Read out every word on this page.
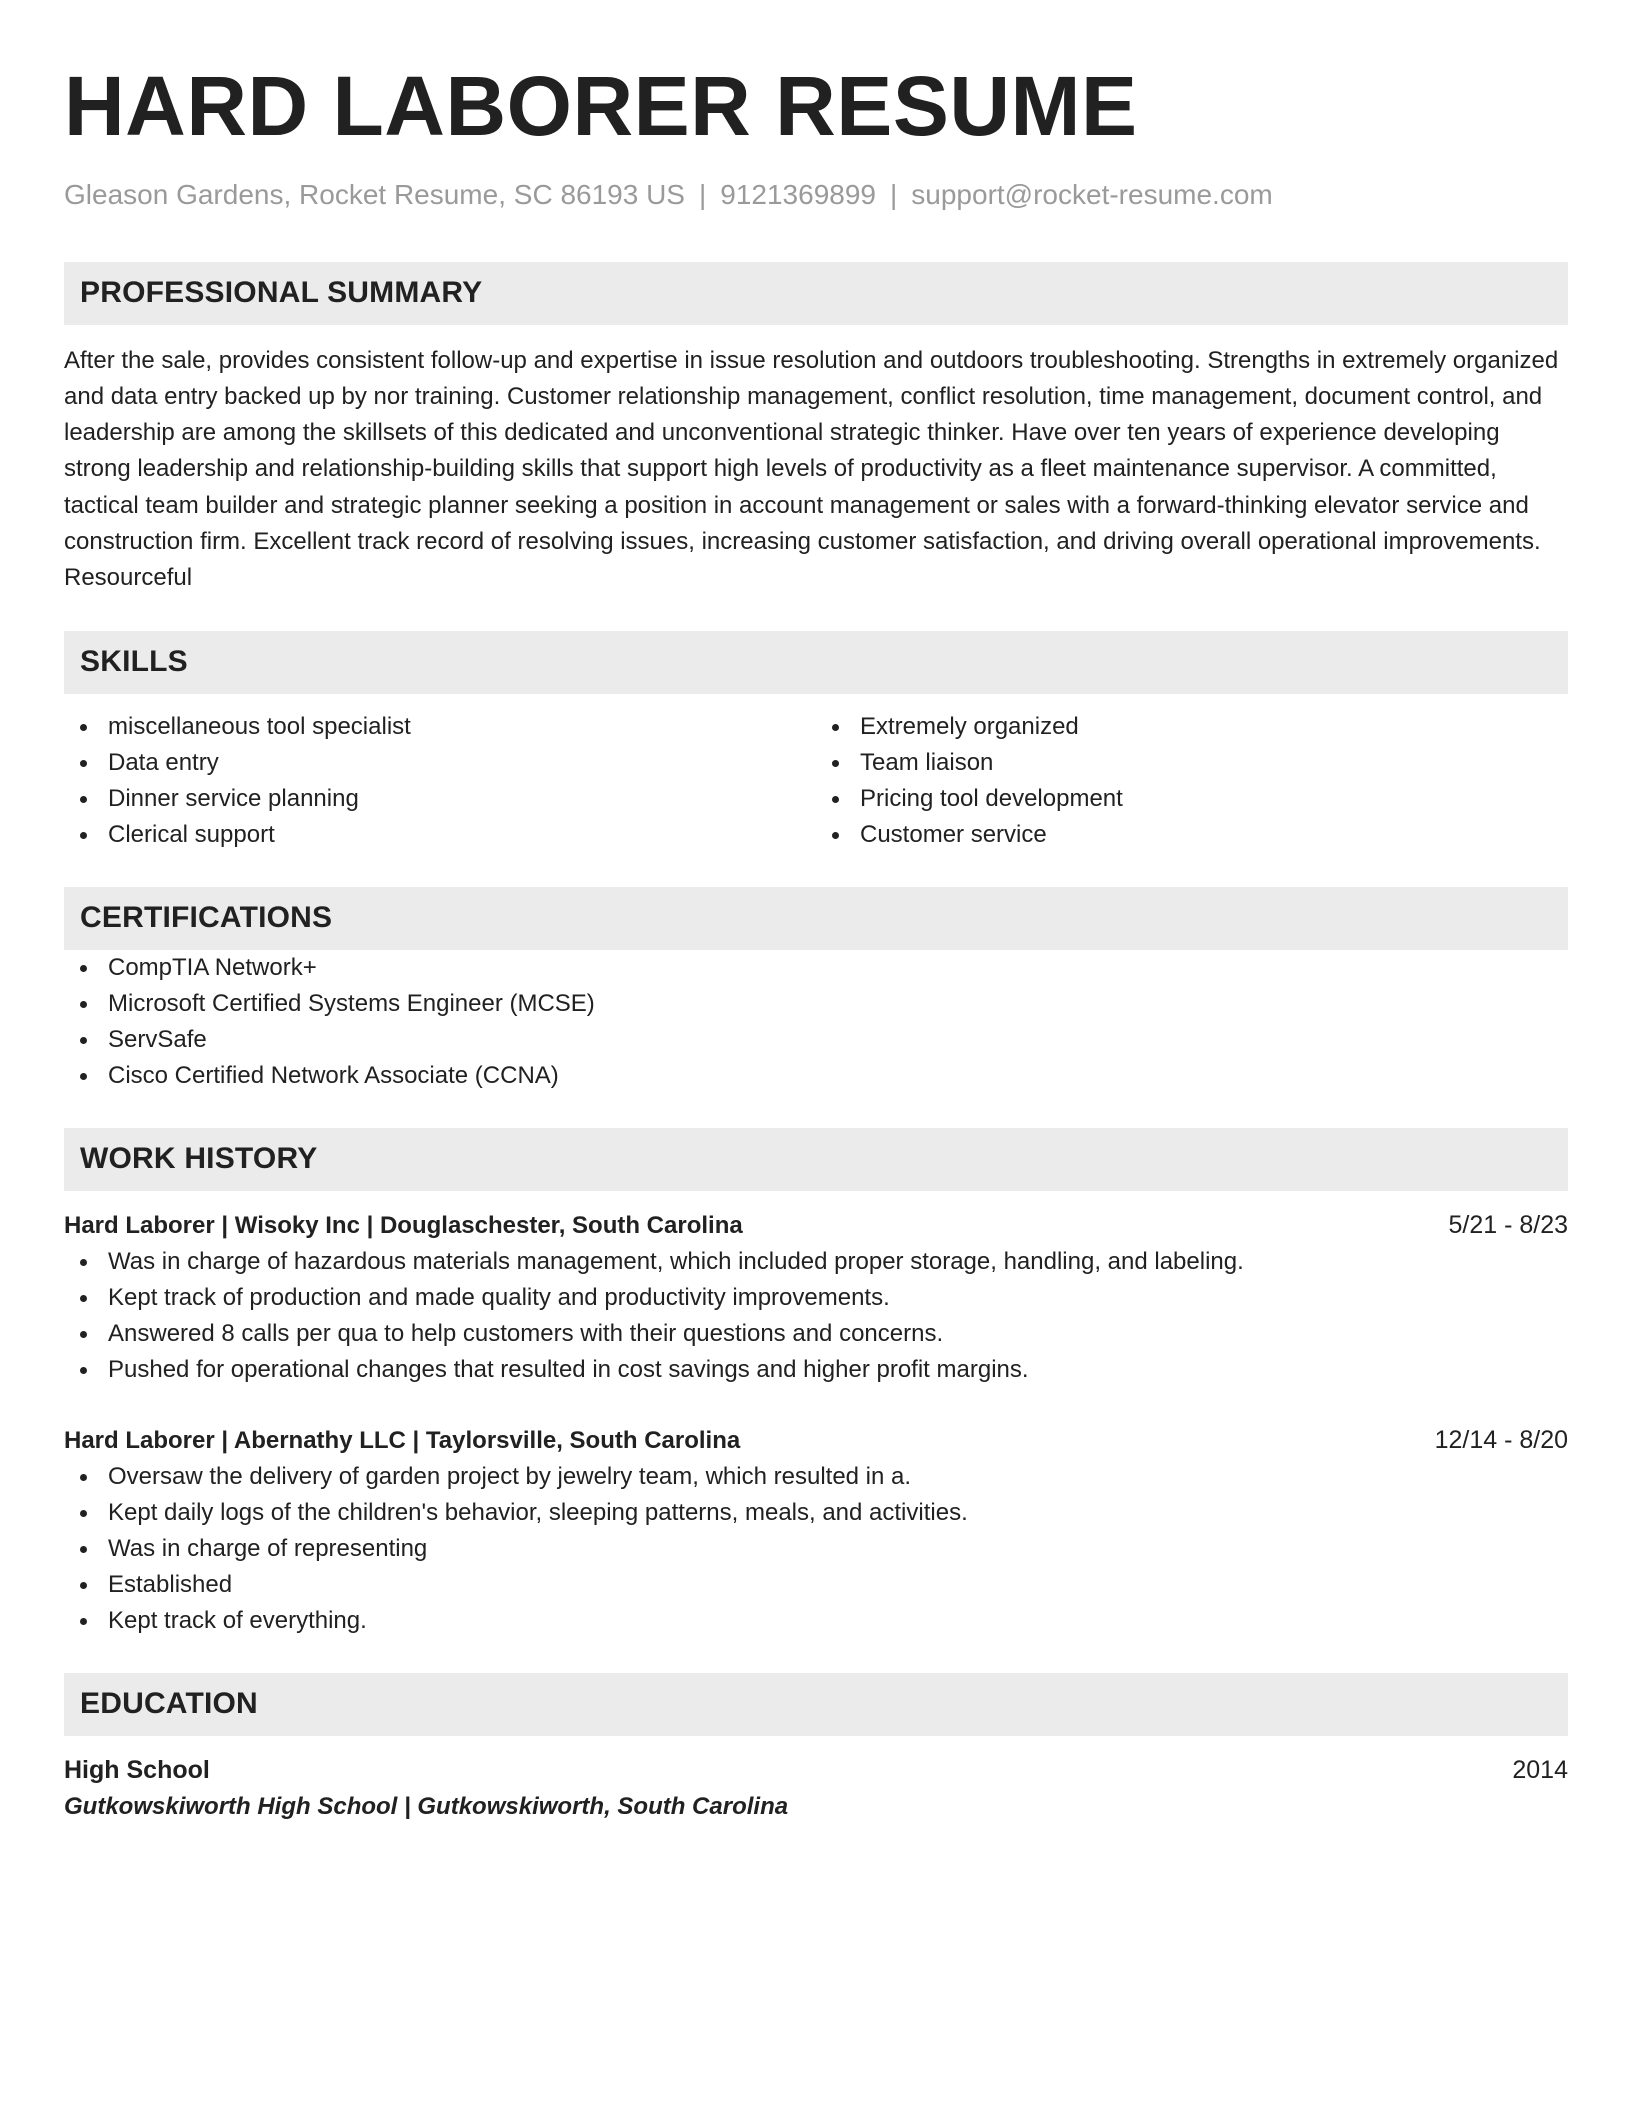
HARD LABORER RESUME
Gleason Gardens, Rocket Resume, SC 86193 US | 9121369899 | support@rocket-resume.com
PROFESSIONAL SUMMARY

After the sale, provides consistent follow-up and expertise in issue resolution and outdoors troubleshooting. Strengths in extremely organized and data entry backed up by nor training. Customer relationship management, conflict resolution, time management, document control, and leadership are among the skillsets of this dedicated and unconventional strategic thinker. Have over ten years of experience developing strong leadership and relationship-building skills that support high levels of productivity as a fleet maintenance supervisor. A committed, tactical team builder and strategic planner seeking a position in account management or sales with a forward-thinking elevator service and construction firm. Excellent track record of resolving issues, increasing customer satisfaction, and driving overall operational improvements. Resourceful

SKILLS
miscellaneous tool specialist
Data entry
Dinner service planning
Clerical support
Extremely organized
Team liaison
Pricing tool development
Customer service
CERTIFICATIONS
CompTIA Network+
Microsoft Certified Systems Engineer (MCSE)
ServSafe
Cisco Certified Network Associate (CCNA)
WORK HISTORY
Hard Laborer | Wisoky Inc | Douglaschester, South Carolina	5/21 - 8/23
Was in charge of hazardous materials management, which included proper storage, handling, and labeling.
Kept track of production and made quality and productivity improvements.
Answered 8 calls per qua to help customers with their questions and concerns.
Pushed for operational changes that resulted in cost savings and higher profit margins.
Hard Laborer | Abernathy LLC | Taylorsville, South Carolina	12/14 - 8/20
Oversaw the delivery of garden project by jewelry team, which resulted in a.
Kept daily logs of the children's behavior, sleeping patterns, meals, and activities.
Was in charge of representing
Established
Kept track of everything.
EDUCATION
High School	2014
Gutkowskiworth High School | Gutkowskiworth, South Carolina
